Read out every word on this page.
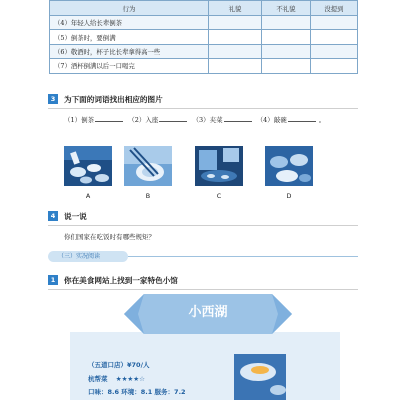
行为	礼貌	不礼貌	没提到
（4）年轻人给长辈倒茶			
（5）倒茶时，要倒满			
（6）敬酒时，杯子比长辈拿得高一些			
（7）酒杯倒满以后一口喝完			
3	为下面的词语找出相应的图片
（1）倒茶	（2）入座	（3）夹菜	（4）敲碗	。
A	B	C	D
4	说一说
你们国家在吃饭时有哪些规矩？
（三）实况阅读
1	你在美食网站上找到一家特色小馆
小西湖
（五道口店）¥70/人
杭帮菜 ★★★★☆
口味：8.6 环境：8.1 服务：7.2
